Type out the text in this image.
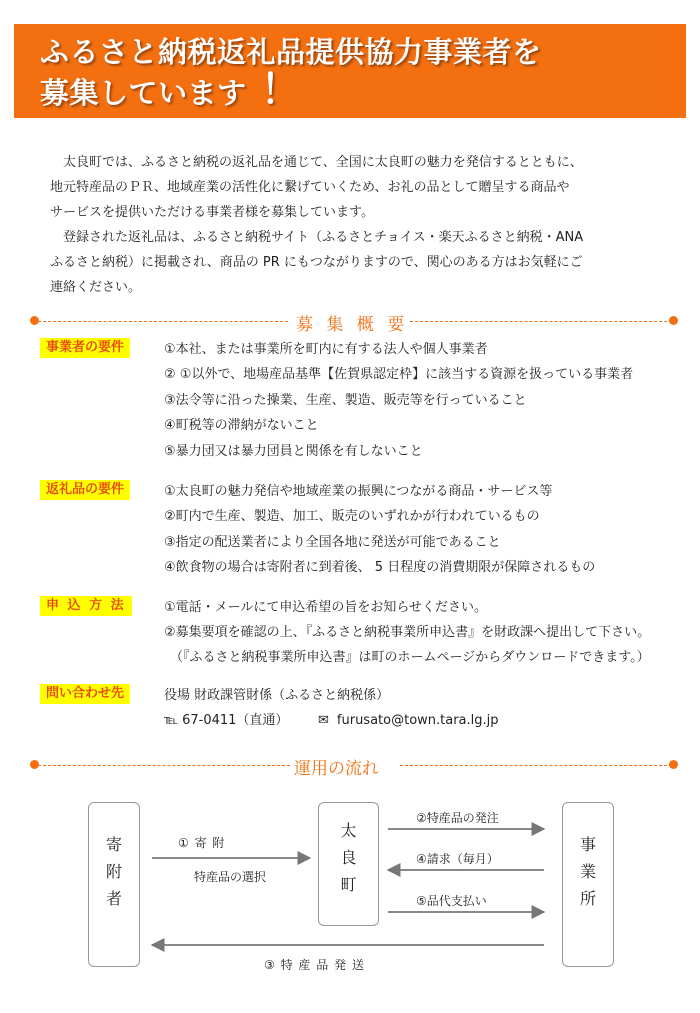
ふるさと納税返礼品提供協力事業者を
募集しています ！

　太良町では、ふるさと納税の返礼品を通じて、全国に太良町の魅力を発信するとともに、

地元特産品のＰＲ、地域産業の活性化に繋げていくため、お礼の品として贈呈する商品や

サービスを提供いただける事業者様を募集しています。

　登録された返礼品は、ふるさと納税サイト（ふるさとチョイス・楽天ふるさと納税・ANA

ふるさと納税）に掲載され、商品の PR にもつながりますので、関心のある方はお気軽にご

連絡ください。

募 集 概 要
事業者の要件	①本社、または事業所を町内に有する法人や個人事業者
② ①以外で、地場産品基準【佐賀県認定枠】に該当する資源を扱っている事業者
③法令等に沿った操業、生産、製造、販売等を行っていること
④町税等の滞納がないこと
⑤暴力団又は暴力団員と関係を有しないこと
返礼品の要件	①太良町の魅力発信や地域産業の振興につながる商品・サービス等
②町内で生産、製造、加工、販売のいずれかが行われているもの
③指定の配送業者により全国各地に発送が可能であること
④飲食物の場合は寄附者に到着後、 5 日程度の消費期限が保障されるもの
申 込 方 法	①電話・メールにて申込希望の旨をお知らせください。
②募集要項を確認の上、『ふるさと納税事業所申込書』を財政課へ提出して下さい。
（『ふるさと納税事業所申込書』は町のホームページからダウンロードできます。）
問い合わせ先	役場 財政課管財係（ふるさと納税係）
℡ 67-0411（直通） ✉ furusato@town.tara.lg.jp
運用の流れ
寄
附
者
太
良
町
事
業
所
① 寄 附
特産品の選択
②特産品の発注
④請求（毎月）
⑤品代支払い
③ 特 産 品 発 送
